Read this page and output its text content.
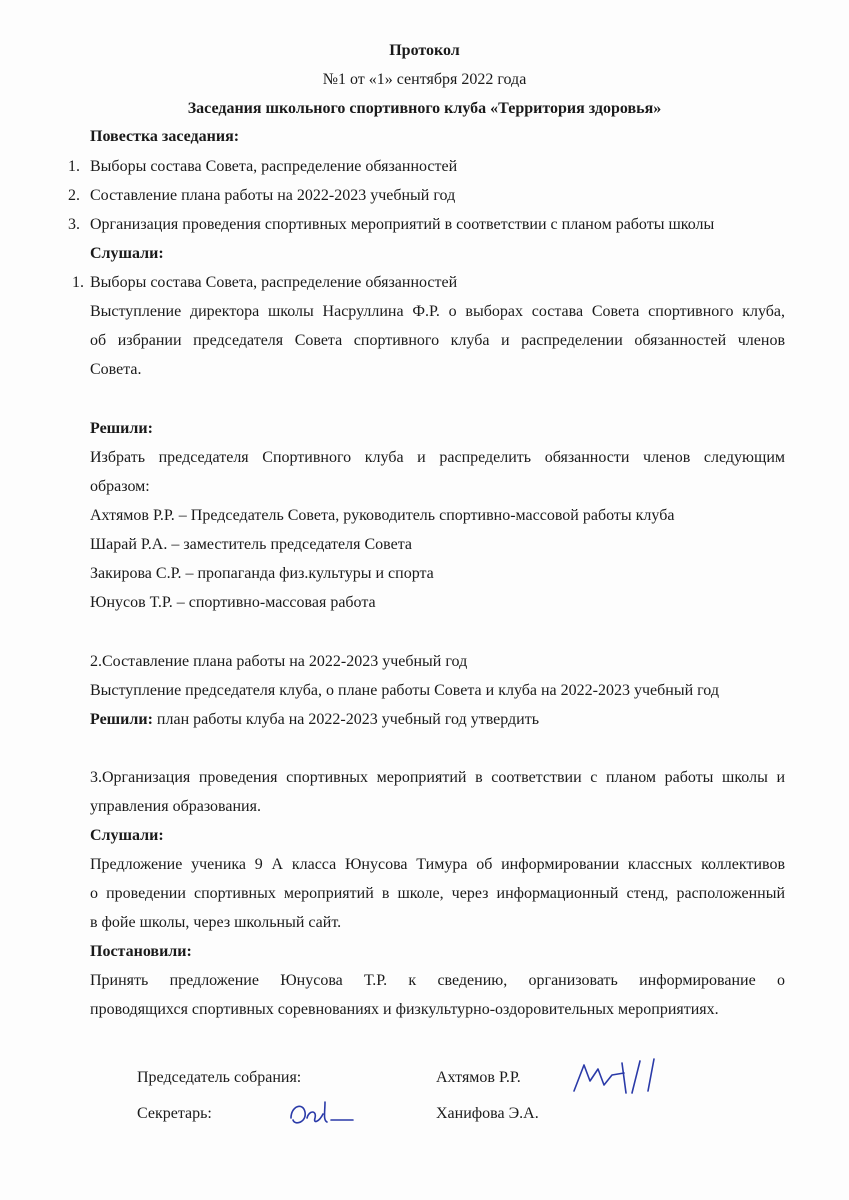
Протокол
№1 от «1» сентября 2022 года
Заседания школьного спортивного клуба «Территория здоровья»
Повестка заседания:
1. Выборы состава Совета, распределение обязанностей
2. Составление плана работы на 2022-2023 учебный год
3. Организация проведения спортивных мероприятий в соответствии с планом работы школы
Слушали:
1. Выборы состава Совета, распределение обязанностей
Выступление директора школы Насруллина Ф.Р. о выборах состава Совета спортивного клуба,
об избрании председателя Совета спортивного клуба и распределении обязанностей членов
Совета.
Решили:
Избрать председателя Спортивного клуба и распределить обязанности членов следующим
образом:
Ахтямов Р.Р. – Председатель Совета, руководитель спортивно-массовой работы клуба
Шарай Р.А. – заместитель председателя Совета
Закирова С.Р. – пропаганда физ.культуры и спорта
Юнусов Т.Р. – спортивно-массовая работа
2.Составление плана работы на 2022-2023 учебный год
Выступление председателя клуба, о плане работы Совета и клуба на 2022-2023 учебный год
Решили: план работы клуба на 2022-2023 учебный год утвердить
3.Организация проведения спортивных мероприятий в соответствии с планом работы школы и
управления образования.
Слушали:
Предложение ученика 9 А класса Юнусова Тимура об информировании классных коллективов
о проведении спортивных мероприятий в школе, через информационный стенд, расположенный
в фойе школы, через школьный сайт.
Постановили:
Принять предложение Юнусова Т.Р. к сведению, организовать информирование о
проводящихся спортивных соревнованиях и физкультурно-оздоровительных мероприятиях.
Председатель собрания:	Ахтямов Р.Р.
Секретарь:	Ханифова Э.А.
